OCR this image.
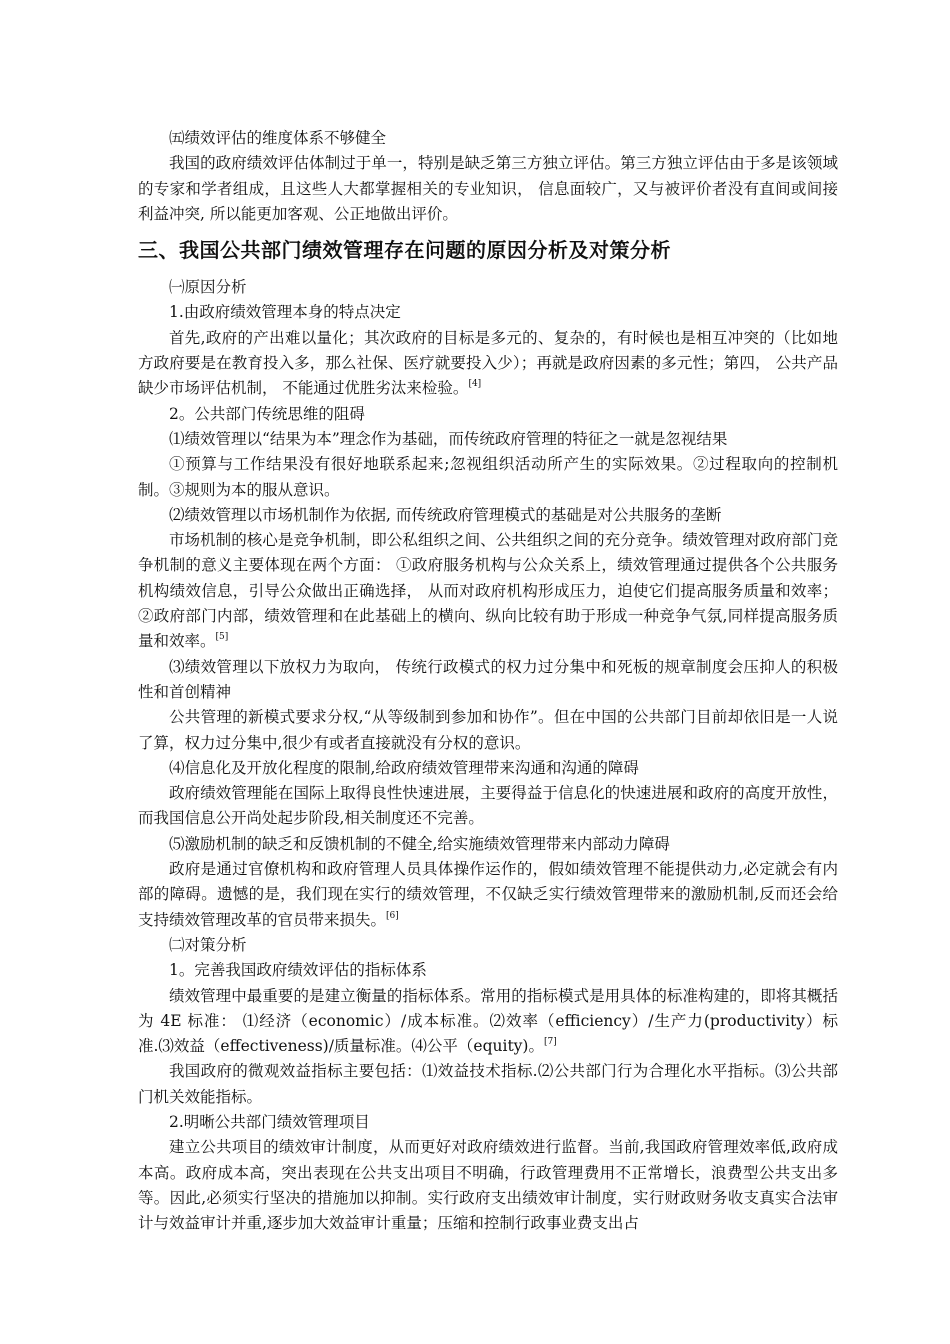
㈤绩效评估的维度体系不够健全

我国的政府绩效评估体制过于单一，特别是缺乏第三方独立评估。第三方独立评估由于多是该领域的专家和学者组成，且这些人大都掌握相关的专业知识， 信息面较广，又与被评价者没有直间或间接利益冲突, 所以能更加客观、公正地做出评价。

三、我国公共部门绩效管理存在问题的原因分析及对策分析

㈠原因分析

1.由政府绩效管理本身的特点决定

首先,政府的产出难以量化；其次政府的目标是多元的、复杂的，有时候也是相互冲突的（比如地方政府要是在教育投入多，那么社保、医疗就要投入少）；再就是政府因素的多元性；第四， 公共产品缺少市场评估机制， 不能通过优胜劣汰来检验。[4]

2。公共部门传统思维的阻碍

⑴绩效管理以“结果为本”理念作为基础，而传统政府管理的特征之一就是忽视结果

①预算与工作结果没有很好地联系起来;忽视组织活动所产生的实际效果。②过程取向的控制机制。③规则为本的服从意识。

⑵绩效管理以市场机制作为依据, 而传统政府管理模式的基础是对公共服务的垄断

市场机制的核心是竞争机制，即公私组织之间、公共组织之间的充分竞争。绩效管理对政府部门竞争机制的意义主要体现在两个方面： ①政府服务机构与公众关系上，绩效管理通过提供各个公共服务机构绩效信息，引导公众做出正确选择， 从而对政府机构形成压力，迫使它们提高服务质量和效率；②政府部门内部，绩效管理和在此基础上的横向、纵向比较有助于形成一种竞争气氛,同样提高服务质量和效率。[5]

⑶绩效管理以下放权力为取向， 传统行政模式的权力过分集中和死板的规章制度会压抑人的积极性和首创精神

公共管理的新模式要求分权,“从等级制到参加和协作”。但在中国的公共部门目前却依旧是一人说了算，权力过分集中,很少有或者直接就没有分权的意识。

⑷信息化及开放化程度的限制,给政府绩效管理带来沟通和沟通的障碍

政府绩效管理能在国际上取得良性快速进展，主要得益于信息化的快速进展和政府的高度开放性，而我国信息公开尚处起步阶段,相关制度还不完善。

⑸激励机制的缺乏和反馈机制的不健全,给实施绩效管理带来内部动力障碍

政府是通过官僚机构和政府管理人员具体操作运作的，假如绩效管理不能提供动力,必定就会有内部的障碍。遗憾的是，我们现在实行的绩效管理，不仅缺乏实行绩效管理带来的激励机制,反而还会给支持绩效管理改革的官员带来损失。[6]

㈡对策分析

1。完善我国政府绩效评估的指标体系

绩效管理中最重要的是建立衡量的指标体系。常用的指标模式是用具体的标准构建的，即将其概括为 4E 标准： ⑴经济（economic）/成本标准。⑵效率（efficiency）/生产力(productivity）标准.⑶效益（effectiveness)/质量标准。⑷公平（equity)。[7]

我国政府的微观效益指标主要包括：⑴效益技术指标.⑵公共部门行为合理化水平指标。⑶公共部门机关效能指标。

2.明晰公共部门绩效管理项目

建立公共项目的绩效审计制度，从而更好对政府绩效进行监督。当前,我国政府管理效率低,政府成本高。政府成本高，突出表现在公共支出项目不明确，行政管理费用不正常增长，浪费型公共支出多等。因此,必须实行坚决的措施加以抑制。实行政府支出绩效审计制度，实行财政财务收支真实合法审计与效益审计并重,逐步加大效益审计重量；压缩和控制行政事业费支出占
